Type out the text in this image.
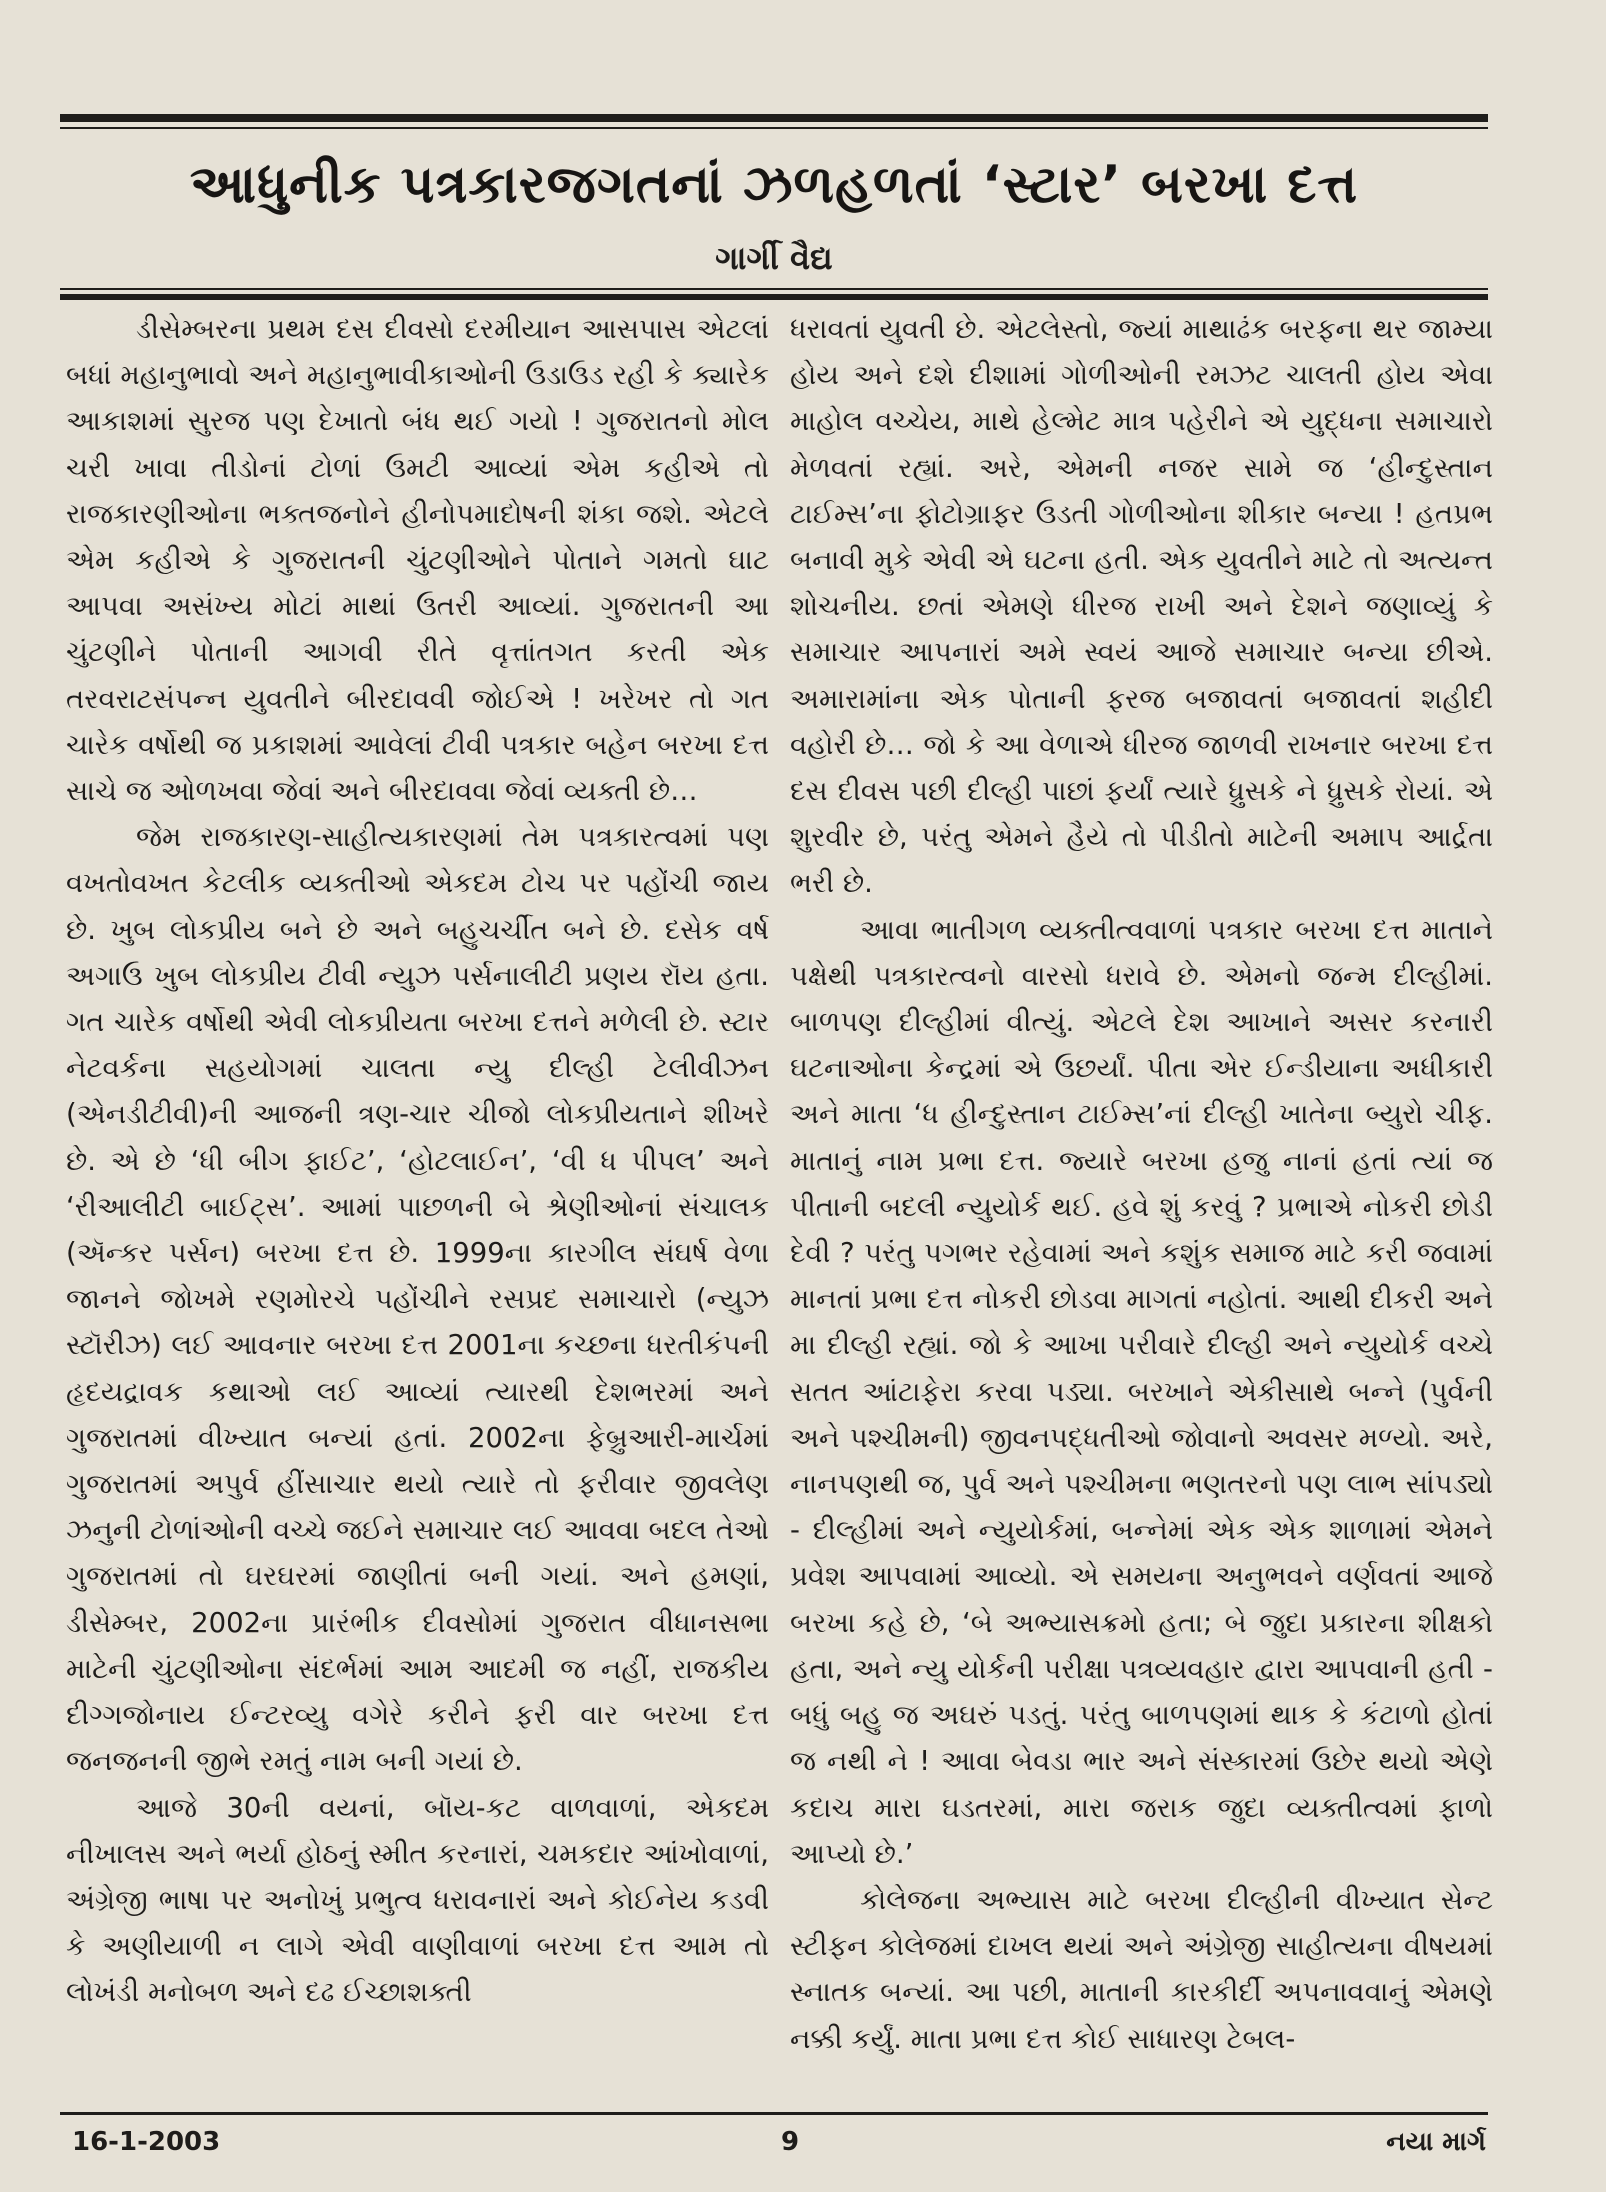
આધુનીક પત્રકારજગતનાં ઝળહળતાં ‘સ્ટાર’ બરખા દત્ત
ગાર્ગી વૈદ્ય

ડીસેમ્બરના પ્રથમ દસ દીવસો દરમીયાન આસપાસ એટલાં બધાં મહાનુભાવો અને મહાનુભાવીકાઓની ઉડાઉડ રહી કે ક્યારેક આકાશમાં સુરજ પણ દેખાતો બંધ થઈ ગયો ! ગુજરાતનો મોલ ચરી ખાવા તીડોનાં ટોળાં ઉમટી આવ્યાં એમ કહીએ તો રાજકારણીઓના ભક્તજનોને હીનોપમાદોષની શંકા જશે. એટલે એમ કહીએ કે ગુજરાતની ચુંટણીઓને પોતાને ગમતો ઘાટ આપવા અસંખ્ય મોટાં માથાં ઉતરી આવ્યાં. ગુજરાતની આ ચુંટણીને પોતાની આગવી રીતે વૃત્તાંતગત કરતી એક તરવરાટસંપન્ન યુવતીને બીરદાવવી જોઈએ ! ખરેખર તો ગત ચારેક વર્ષોથી જ પ્રકાશમાં આવેલાં ટીવી પત્રકાર બહેન બરખા દત્ત સાચે જ ઓળખવા જેવાં અને બીરદાવવા જેવાં વ્યક્તી છે…

જેમ રાજકારણ-સાહીત્યકારણમાં તેમ પત્રકારત્વમાં પણ વખતોવખત કેટલીક વ્યક્તીઓ એકદમ ટોચ પર પહોંચી જાય છે. ખુબ લોકપ્રીય બને છે અને બહુચર્ચીત બને છે. દસેક વર્ષ અગાઉ ખુબ લોકપ્રીય ટીવી ન્યુઝ પર્સનાલીટી પ્રણય રૉય હતા. ગત ચારેક વર્ષોથી એવી લોકપ્રીયતા બરખા દત્તને મળેલી છે. સ્ટાર નેટવર્કના સહયોગમાં ચાલતા ન્યુ દીલ્હી ટેલીવીઝન (એનડીટીવી)ની આજની ત્રણ-ચાર ચીજો લોકપ્રીયતાને શીખરે છે. એ છે ‘ધી બીગ ફાઈટ’, ‘હોટલાઈન’, ‘વી ધ પીપલ’ અને ‘રીઆલીટી બાઈટ્સ’. આમાં પાછળની બે શ્રેણીઓનાં સંચાલક (ઍન્કર પર્સન) બરખા દત્ત છે. 1999ના કારગીલ સંઘર્ષ વેળા જાનને જોખમે રણમોરચે પહોંચીને રસપ્રદ સમાચારો (ન્યુઝ સ્ટૉરીઝ) લઈ આવનાર બરખા દત્ત 2001ના કચ્છના ધરતીકંપની હૃદયદ્રાવક કથાઓ લઈ આવ્યાં ત્યારથી દેશભરમાં અને ગુજરાતમાં વીખ્યાત બન્યાં હતાં. 2002ના ફેબ્રુઆરી-માર્ચમાં ગુજરાતમાં અપુર્વ હીંસાચાર થયો ત્યારે તો ફરીવાર જીવલેણ ઝનુની ટોળાંઓની વચ્ચે જઈને સમાચાર લઈ આવવા બદલ તેઓ ગુજરાતમાં તો ઘરઘરમાં જાણીતાં બની ગયાં. અને હમણાં, ડીસેમ્બર, 2002ના પ્રારંભીક દીવસોમાં ગુજરાત વીધાનસભા માટેની ચુંટણીઓના સંદર્ભમાં આમ આદમી જ નહીં, રાજકીય દીગ્ગજોનાય ઈન્ટરવ્યુ વગેરે કરીને ફરી વાર બરખા દત્ત જનજનની જીભે રમતું નામ બની ગયાં છે.

આજે 30ની વયનાં, બૉય-કટ વાળવાળાં, એકદમ નીખાલસ અને ભર્યા હોઠનું સ્મીત કરનારાં, ચમકદાર આંખોવાળાં, અંગ્રેજી ભાષા પર અનોખું પ્રભુત્વ ધરાવનારાં અને કોઈનેય કડવી કે અણીયાળી ન લાગે એવી વાણીવાળાં બરખા દત્ત આમ તો લોખંડી મનોબળ અને દઢ ઈચ્છાશક્તી

ધરાવતાં યુવતી છે. એટલેસ્તો, જ્યાં માથાઢંક બરફના થર જામ્યા હોય અને દશે દીશામાં ગોળીઓની રમઝટ ચાલતી હોય એવા માહોલ વચ્ચેય, માથે હેલ્મેટ માત્ર પહેરીને એ યુદ્ધના સમાચારો મેળવતાં રહ્યાં. અરે, એમની નજર સામે જ ‘હીન્દુસ્તાન ટાઈમ્સ’ના ફોટોગ્રાફર ઉડતી ગોળીઓના શીકાર બન્યા ! હતપ્રભ બનાવી મુકે એવી એ ઘટના હતી. એક યુવતીને માટે તો અત્યન્ત શોચનીય. છતાં એમણે ધીરજ રાખી અને દેશને જણાવ્યું કે સમાચાર આપનારાં અમે સ્વયં આજે સમાચાર બન્યા છીએ. અમારામાંના એક પોતાની ફરજ બજાવતાં બજાવતાં શહીદી વહોરી છે… જો કે આ વેળાએ ધીરજ જાળવી રાખનાર બરખા દત્ત દસ દીવસ પછી દીલ્હી પાછાં ફર્યાં ત્યારે ધ્રુસકે ને ધ્રુસકે રોયાં. એ શુરવીર છે, પરંતુ એમને હૈયે તો પીડીતો માટેની અમાપ આર્દ્રતા ભરી છે.

આવા ભાતીગળ વ્યક્તીત્વવાળાં પત્રકાર બરખા દત્ત માતાને પક્ષેથી પત્રકારત્વનો વારસો ધરાવે છે. એમનો જન્મ દીલ્હીમાં. બાળપણ દીલ્હીમાં વીત્યું. એટલે દેશ આખાને અસર કરનારી ઘટનાઓના કેન્દ્રમાં એ ઉછર્યાં. પીતા એર ઈન્ડીયાના અધીકારી અને માતા ‘ધ હીન્દુસ્તાન ટાઈમ્સ’નાં દીલ્હી ખાતેના બ્યુરો ચીફ. માતાનું નામ પ્રભા દત્ત. જ્યારે બરખા હજુ નાનાં હતાં ત્યાં જ પીતાની બદલી ન્યુયોર્ક થઈ. હવે શું કરવું ? પ્રભાએ નોકરી છોડી દેવી ? પરંતુ પગભર રહેવામાં અને કશુંક સમાજ માટે કરી જવામાં માનતાં પ્રભા દત્ત નોકરી છોડવા માગતાં નહોતાં. આથી દીકરી અને મા દીલ્હી રહ્યાં. જો કે આખા પરીવારે દીલ્હી અને ન્યુયોર્ક વચ્ચે સતત આંટાફેરા કરવા પડ્યા. બરખાને એકીસાથે બન્ને (પુર્વની અને પશ્ચીમની) જીવનપદ્ધતીઓ જોવાનો અવસર મળ્યો. અરે, નાનપણથી જ, પુર્વ અને પશ્ચીમના ભણતરનો પણ લાભ સાંપડ્યો - દીલ્હીમાં અને ન્યુયોર્કમાં, બન્નેમાં એક એક શાળામાં એમને પ્રવેશ આપવામાં આવ્યો. એ સમયના અનુભવને વર્ણવતાં આજે બરખા કહે છે, ‘બે અભ્યાસક્રમો હતા; બે જુદા પ્રકારના શીક્ષકો હતા, અને ન્યુ યોર્કની પરીક્ષા પત્રવ્યવહાર દ્વારા આપવાની હતી - બધું બહુ જ અઘરું પડતું. પરંતુ બાળપણમાં થાક કે કંટાળો હોતાં જ નથી ને ! આવા બેવડા ભાર અને સંસ્કારમાં ઉછેર થયો એણે કદાચ મારા ઘડતરમાં, મારા જરાક જુદા વ્યક્તીત્વમાં ફાળો આપ્યો છે.’

કોલેજના અભ્યાસ માટે બરખા દીલ્હીની વીખ્યાત સેન્ટ સ્ટીફન કોલેજમાં દાખલ થયાં અને અંગ્રેજી સાહીત્યના વીષયમાં સ્નાતક બન્યાં. આ પછી, માતાની કારકીર્દી અપનાવવાનું એમણે નક્કી કર્યું. માતા પ્રભા દત્ત કોઈ સાધારણ ટેબલ-

16-1-2003	9	નયા માર્ગ
